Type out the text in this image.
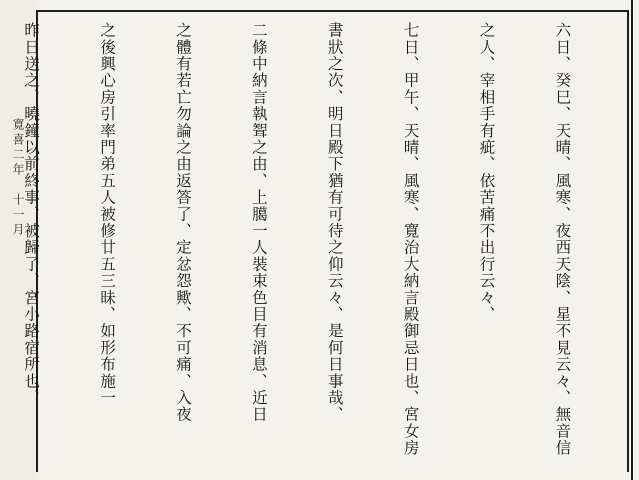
寛喜二年　十一月

	六日、癸巳、天晴、風寒、夜西天陰、星不見云々、無音信

之人、宰相手有疵、依苦痛不出行云々、

七日、甲午、天晴、風寒、寛治大納言殿御忌日也、宮女房

書狀之次、明日殿下猶有可待之仰云々、是何日事哉、

二條中納言執聟之由、上臈一人裝束色目有消息、近日

之體有若亡勿論之由返答了、定忿怨歟、不可痛、入夜

之後興心房引率門弟五人被修廿五三昧、如形布施一

昨日送之、曉鐘以前終事、被歸了、宮小路宿所也、
